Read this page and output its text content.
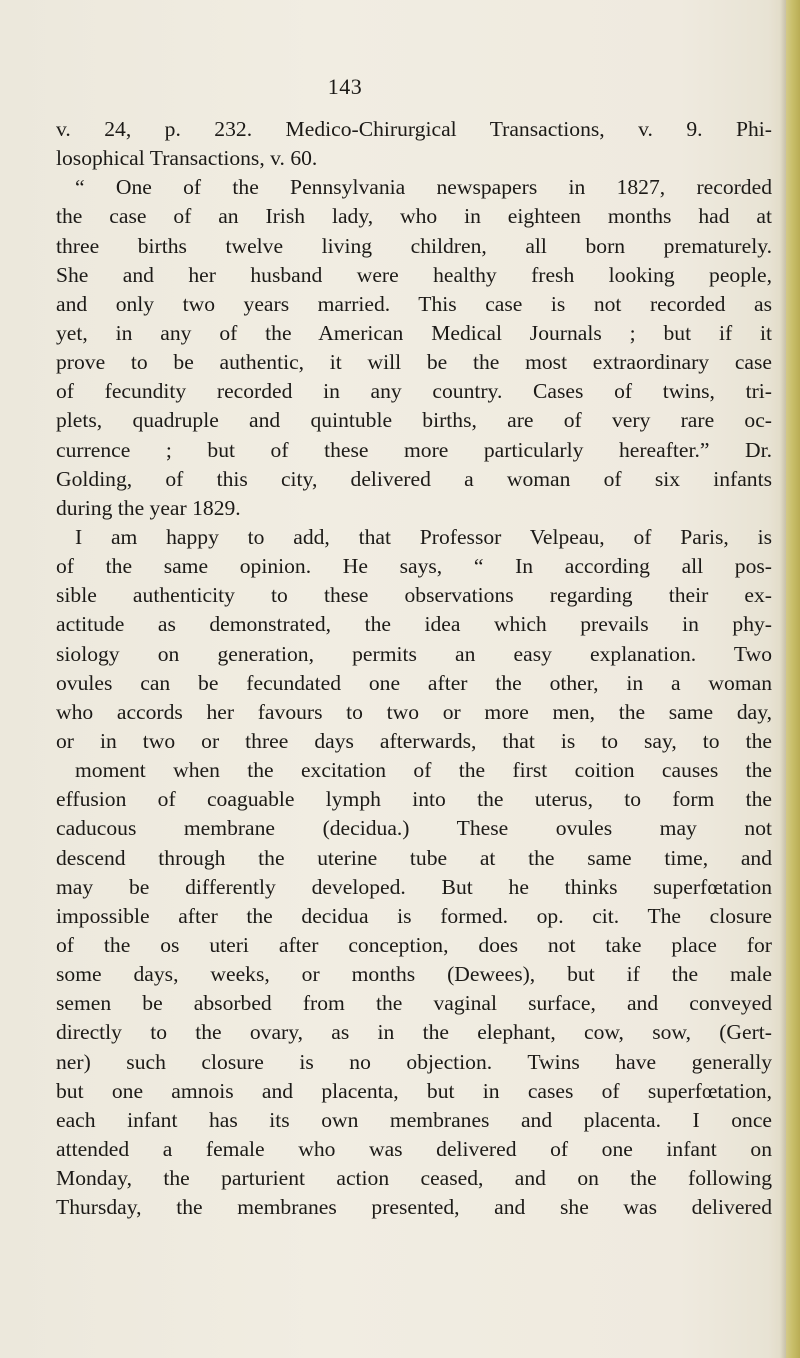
143
v. 24, p. 232. Medico-Chirurgical Transactions, v. 9. Phi-
losophical Transactions, v. 60.
“ One of the Pennsylvania newspapers in 1827, recorded
the case of an Irish lady, who in eighteen months had at
three births twelve living children, all born prematurely.
She and her husband were healthy fresh looking people,
and only two years married. This case is not recorded as
yet, in any of the American Medical Journals ; but if it
prove to be authentic, it will be the most extraordinary case
of fecundity recorded in any country. Cases of twins, tri-
plets, quadruple and quintuble births, are of very rare oc-
currence ; but of these more particularly hereafter.” Dr.
Golding, of this city, delivered a woman of six infants
during the year 1829.
I am happy to add, that Professor Velpeau, of Paris, is
of the same opinion. He says, “ In according all pos-
sible authenticity to these observations regarding their ex-
actitude as demonstrated, the idea which prevails in phy-
siology on generation, permits an easy explanation. Two
ovules can be fecundated one after the other, in a woman
who accords her favours to two or more men, the same day,
or in two or three days afterwards, that is to say, to the
moment when the excitation of the first coition causes the
effusion of coaguable lymph into the uterus, to form the
caducous membrane (decidua.) These ovules may not
descend through the uterine tube at the same time, and
may be differently developed. But he thinks superfœtation
impossible after the decidua is formed. op. cit. The closure
of the os uteri after conception, does not take place for
some days, weeks, or months (Dewees), but if the male
semen be absorbed from the vaginal surface, and conveyed
directly to the ovary, as in the elephant, cow, sow, (Gert-
ner) such closure is no objection. Twins have generally
but one amnois and placenta, but in cases of superfœtation,
each infant has its own membranes and placenta. I once
attended a female who was delivered of one infant on
Monday, the parturient action ceased, and on the following
Thursday, the membranes presented, and she was delivered
